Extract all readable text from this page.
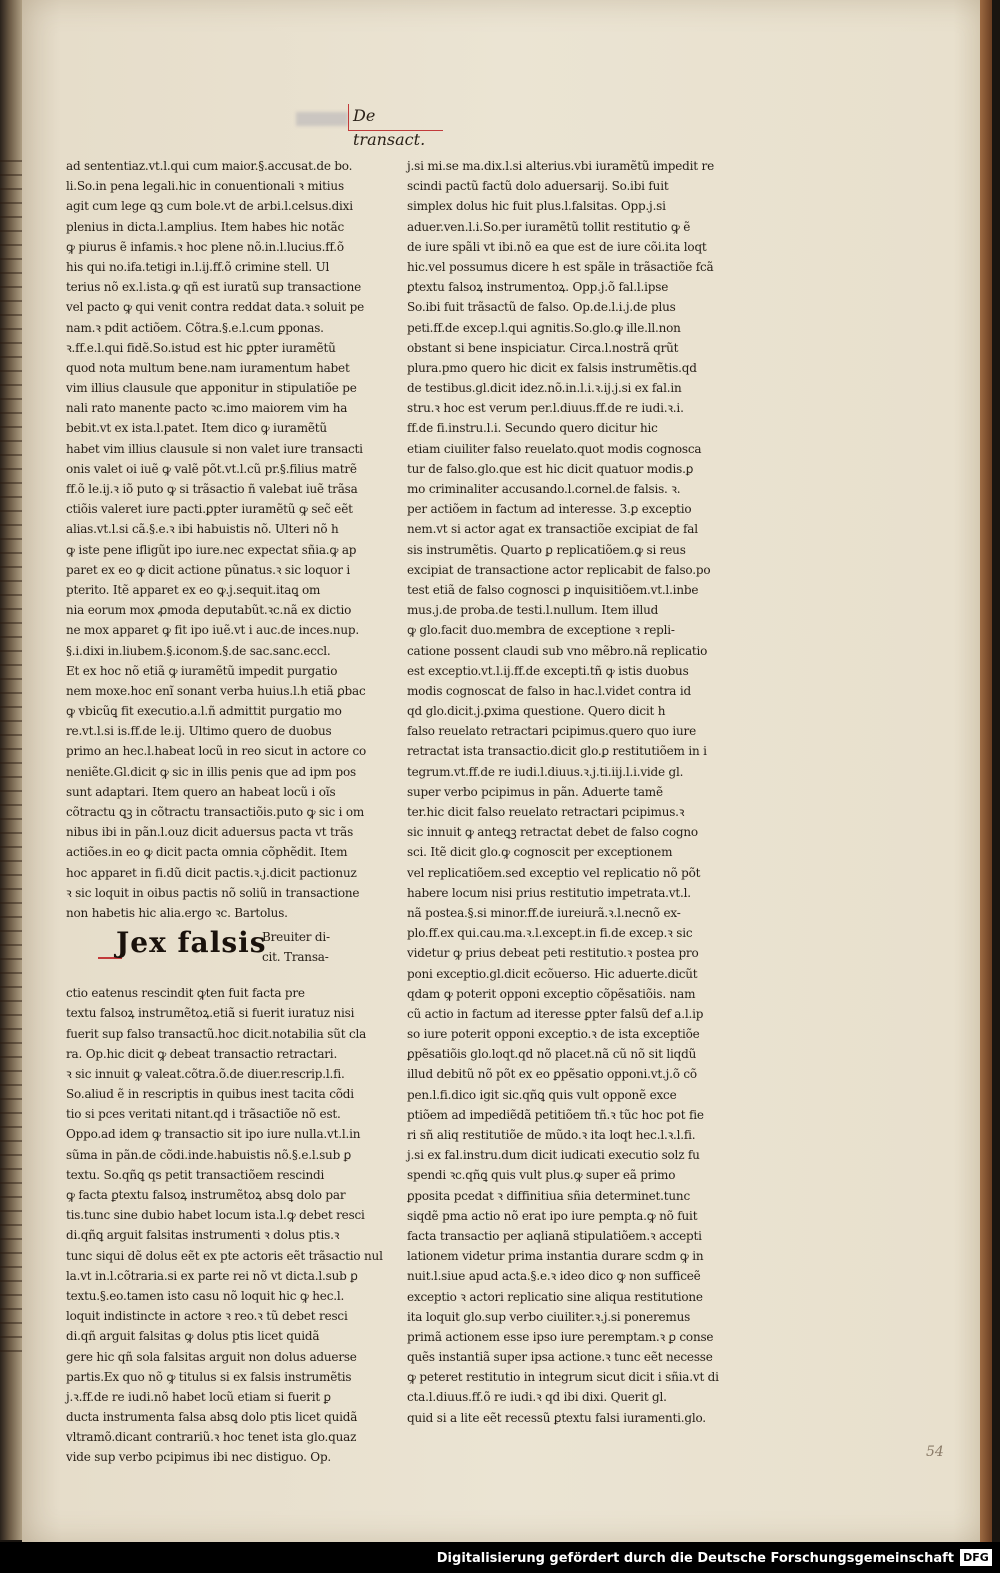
De transact.
ad sententiaz.vt.l.qui cum maior.§.accusat.de bo.
li.So.in pena legali.hic in conuentionali ꝛ mitius
agit cum lege ꝗꝫ cum bole.vt de arbi.l.celsus.dixi
plenius in dicta.l.amplius. Item habes hic notãc
ꝙ piurus ẽ infamis.ꝛ hoc plene nõ.in.l.lucius.ff.õ
his qui no.ifa.tetigi in.l.ij.ff.õ crimine stell. Ul
terius nõ ex.l.ista.ꝙ qñ est iuratũ sup transactione
vel pacto ꝙ qui venit contra reddat data.ꝛ soluit pe
nam.ꝛ pdit actiõem. Cõtra.§.e.l.cum ꝑponas.
ꝛ.ff.e.l.qui fidẽ.So.istud est hic ꝑpter iuramẽtũ
quod nota multum bene.nam iuramentum habet
vim illius clausule que apponitur in stipulatiõe pe
nali rato manente pacto ꝛc.imo maiorem vim ha
bebit.vt ex ista.l.patet. Item dico ꝙ iuramẽtũ
habet vim illius clausule si non valet iure transacti
onis valet oi iuẽ ꝙ valẽ põt.vt.l.cũ pr.§.filius matrẽ
ff.õ le.ij.ꝛ iõ puto ꝙ si trãsactio ñ valebat iuẽ trãsa
ctiõis valeret iure pacti.ꝑpter iuramẽtũ ꝙ sec̃ eẽt
alias.vt.l.si cã.§.e.ꝛ ibi habuistis nõ. Ulteri nõ h
ꝙ iste pene ifligũt ipo iure.nec expectat sñia.ꝙ ap
paret ex eo ꝙ dicit actione pũnatus.ꝛ sic loquor i
pterito. Itẽ apparet ex eo ꝙ.j.sequit.itaꝗ om
nia eorum mox ꝓmoda deputabũt.ꝛc.nã ex dictio
ne mox apparet ꝙ fit ipo iuẽ.vt i auc.de inces.nup.
§.i.dixi in.liubem.§.iconom.§.de sac.sanc.eccl.
Et ex hoc nõ etiã ꝙ iuramẽtũ impedit purgatio
nem moxe.hoc enĩ sonant verba huius.l.h etiã ꝑbac
ꝙ vbicũꝗ fit executio.a.l.ñ admittit purgatio mo
re.vt.l.si is.ff.de le.ij. Ultimo quero de duobus
primo an hec.l.habeat locũ in reo sicut in actore co
neniẽte.Gl.dicit ꝙ sic in illis penis que ad ipm pos
sunt adaptari. Item quero an habeat locũ i oĩs
cõtractu ꝗꝫ in cõtractu transactiõis.puto ꝙ sic i om
nibus ibi in pãn.l.ouz dicit aduersus pacta vt trãs
actiões.in eo ꝙ dicit pacta omnia cõphẽdit. Item
hoc apparet in fi.dũ dicit pactis.ꝛ.j.dicit pactionuz
ꝛ sic loquit in oibus pactis nõ soliũ in transactione
non habetis hic alia.ergo ꝛc. Bartolus.
Jex falsis
Breuiter di-
cit. Transa-
ctio eatenus rescindit ꝙten fuit facta pre
textu falsoꝝ instrumẽtoꝝ.etiã si fuerit iuratuz nisi
fuerit sup falso transactũ.hoc dicit.notabilia sũt cla
ra. Op.hic dicit ꝙ debeat transactio retractari.
ꝛ sic innuit ꝙ valeat.cõtra.õ.de diuer.rescrip.l.fi.
So.aliud ẽ in rescriptis in quibus inest tacita cõdi
tio si pces veritati nitant.qd i trãsactiõe nõ est.
Oppo.ad idem ꝙ transactio sit ipo iure nulla.vt.l.in
sũma in pãn.de cõdi.inde.habuistis nõ.§.e.l.sub ꝑ
textu. So.qñꝗ qs petit transactiõem rescindi
ꝙ facta ꝑtextu falsoꝝ instrumẽtoꝝ absꝗ dolo par
tis.tunc sine dubio habet locum ista.l.ꝙ debet resci
di.qñꝗ arguit falsitas instrumenti ꝛ dolus ptis.ꝛ
tunc siqui dẽ dolus eẽt ex pte actoris eẽt trãsactio nul
la.vt in.l.cõtraria.si ex parte rei nõ vt dicta.l.sub ꝑ
textu.§.eo.tamen isto casu nõ loquit hic ꝙ hec.l.
loquit indistincte in actore ꝛ reo.ꝛ tũ debet resci
di.qñ arguit falsitas ꝙ dolus ptis licet quidã
gere hic qñ sola falsitas arguit non dolus aduerse
partis.Ex quo nõ ꝙ titulus si ex falsis instrumẽtis
j.ꝛ.ff.de re iudi.nõ habet locũ etiam si fuerit ꝑ
ducta instrumenta falsa absꝗ dolo ptis licet quidã
vltramõ.dicant contrariũ.ꝛ hoc tenet ista glo.quaz
vide sup verbo pcipimus ibi nec distiguo. Op.
j.si mi.se ma.dix.l.si alterius.vbi iuramẽtũ impedit re
scindi pactũ factũ dolo aduersarij. So.ibi fuit
simplex dolus hic fuit plus.l.falsitas. Opp.j.si
aduer.ven.l.i.So.per iuramẽtũ tollit restitutio ꝙ ẽ
de iure spãli vt ibi.nõ ea que est de iure cõi.ita loqt
hic.vel possumus dicere h est spãle in trãsactiõe fcã
ꝑtextu falsoꝝ instrumentoꝝ. Opp.j.õ fal.l.ipse
So.ibi fuit trãsactũ de falso. Op.de.l.i.j.de plus
peti.ff.de excep.l.qui agnitis.So.glo.ꝙ ille.ll.non
obstant si bene inspiciatur. Circa.l.nostrã qrũt
plura.pmo quero hic dicit ex falsis instrumẽtis.qd
de testibus.gl.dicit idez.nõ.in.l.i.ꝛ.ij.j.si ex fal.in
stru.ꝛ hoc est verum per.l.diuus.ff.de re iudi.ꝛ.i.
ff.de fi.instru.l.i. Secundo quero dicitur hic
etiam ciuiliter falso reuelato.quot modis cognosca
tur de falso.glo.que est hic dicit quatuor modis.ꝑ
mo criminaliter accusando.l.cornel.de falsis. ꝛ.
per actiõem in factum ad interesse. 3.ꝑ exceptio
nem.vt si actor agat ex transactiõe excipiat de fal
sis instrumẽtis. Quarto ꝑ replicatiõem.ꝙ si reus
excipiat de transactione actor replicabit de falso.po
test etiã de falso cognosci ꝑ inquisitiõem.vt.l.inbe
mus.j.de proba.de testi.l.nullum. Item illud
ꝙ glo.facit duo.membra de exceptione ꝛ repli-
catione possent claudi sub vno mẽbro.nã replicatio
est exceptio.vt.l.ij.ff.de excepti.tñ ꝙ istis duobus
modis cognoscat de falso in hac.l.videt contra id
qd glo.dicit.j.ꝑxima questione. Quero dicit h
falso reuelato retractari pcipimus.quero quo iure
retractat ista transactio.dicit glo.ꝑ restitutiõem in i
tegrum.vt.ff.de re iudi.l.diuus.ꝛ.j.ti.iij.l.i.vide gl.
super verbo pcipimus in pãn. Aduerte tamẽ
ter.hic dicit falso reuelato retractari pcipimus.ꝛ
sic innuit ꝙ anteꝗꝫ retractat debet de falso cogno
sci. Itẽ dicit glo.ꝙ cognoscit per exceptionem
vel replicatiõem.sed exceptio vel replicatio nõ põt
habere locum nisi prius restitutio impetrata.vt.l.
nã postea.§.si minor.ff.de iureiurã.ꝛ.l.necnõ ex-
plo.ff.ex qui.cau.ma.ꝛ.l.except.in fi.de excep.ꝛ sic
videtur ꝙ prius debeat peti restitutio.ꝛ postea pro
poni exceptio.gl.dicit ecõuerso. Hic aduerte.dicũt
qdam ꝙ poterit opponi exceptio cõpẽsatiõis. nam
cũ actio in factum ad iteresse ꝑpter falsũ def a.l.ip
so iure poterit opponi exceptio.ꝛ de ista exceptiõe
ꝑpẽsatiõis glo.loqt.qd nõ placet.nã cũ nõ sit liqdũ
illud debitũ nõ põt ex eo ꝑpẽsatio opponi.vt.j.õ cõ
pen.l.fi.dico igit sic.qñꝗ quis vult opponẽ exce
ptiõem ad impediẽdã petitiõem tñ.ꝛ tũc hoc pot fie
ri sñ aliq restitutiõe de mũdo.ꝛ ita loqt hec.l.ꝛ.l.fi.
j.si ex fal.instru.dum dicit iudicati executio solz fu
spendi ꝛc.qñꝗ quis vult plus.ꝙ super eã primo
ꝑposita pcedat ꝛ diffinitiua sñia determinet.tunc
siqdẽ pma actio nõ erat ipo iure pempta.ꝙ nõ fuit
facta transactio per aqlianã stipulatiõem.ꝛ accepti
lationem videtur prima instantia durare scdm ꝙ in
nuit.l.siue apud acta.§.e.ꝛ ideo dico ꝙ non sufficeẽ
exceptio ꝛ actori replicatio sine aliqua restitutione
ita loquit glo.sup verbo ciuiliter.ꝛ.j.si poneremus
primã actionem esse ipso iure peremptam.ꝛ ꝑ conse
quẽs instantiã super ipsa actione.ꝛ tunc eẽt necesse
ꝙ peteret restitutio in integrum sicut dicit i sñia.vt di
cta.l.diuus.ff.õ re iudi.ꝛ qd ibi dixi. Querit gl.
quid si a lite eẽt recessũ ꝑtextu falsi iuramenti.glo.
54
Digitalisierung gefördert durch die Deutsche Forschungsgemeinschaft DFG
